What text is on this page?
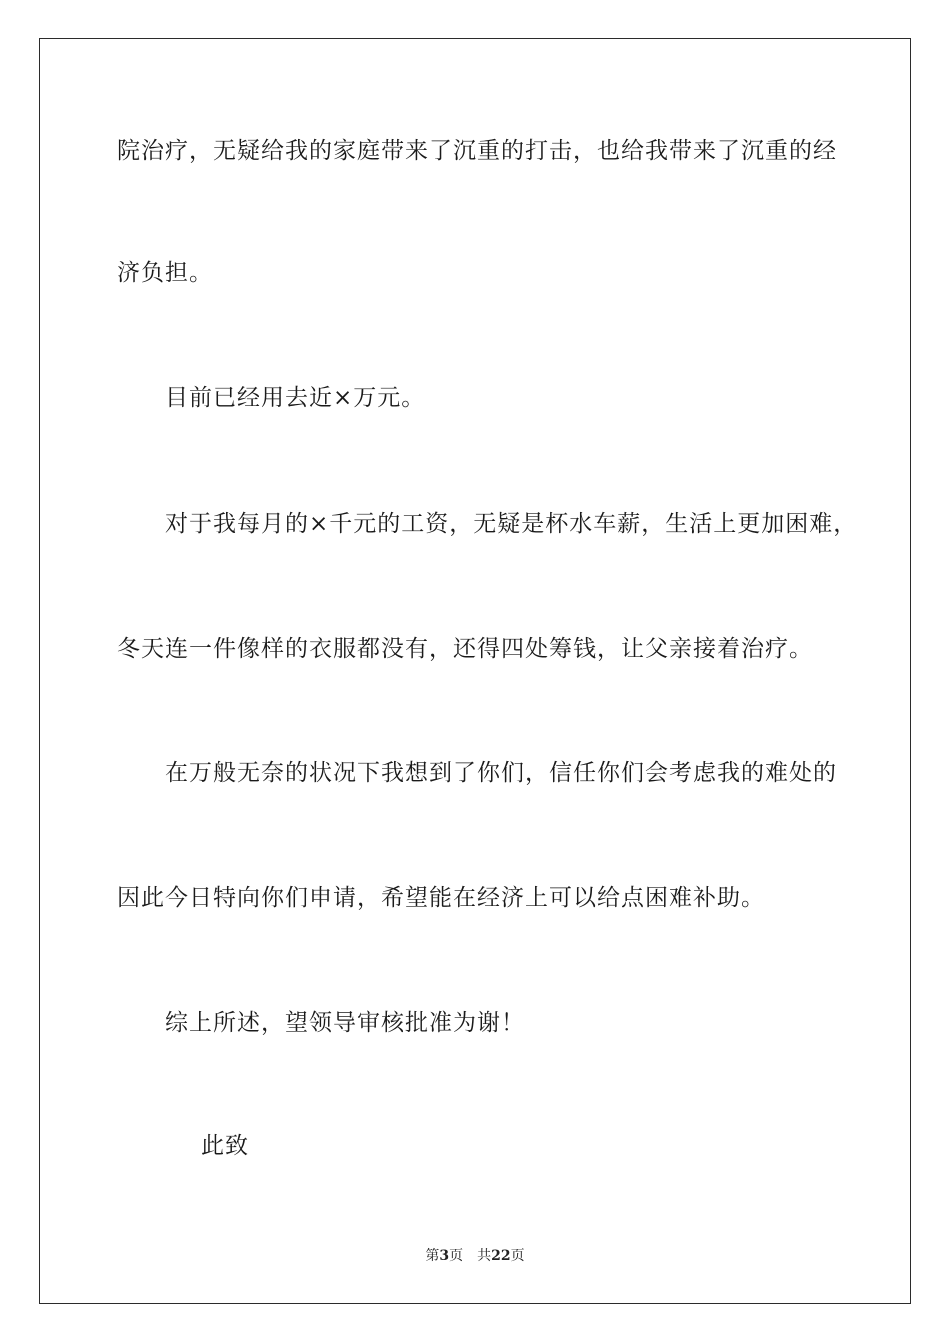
院治疗，无疑给我的家庭带来了沉重的打击，也给我带来了沉重的经
济负担。
目前已经用去近×万元。
对于我每月的×千元的工资，无疑是杯水车薪，生活上更加困难，
冬天连一件像样的衣服都没有，还得四处筹钱，让父亲接着治疗。
在万般无奈的状况下我想到了你们，信任你们会考虑我的难处的
因此今日特向你们申请，希望能在经济上可以给点困难补助。
综上所述，望领导审核批准为谢！
此致
第3页 共22页
